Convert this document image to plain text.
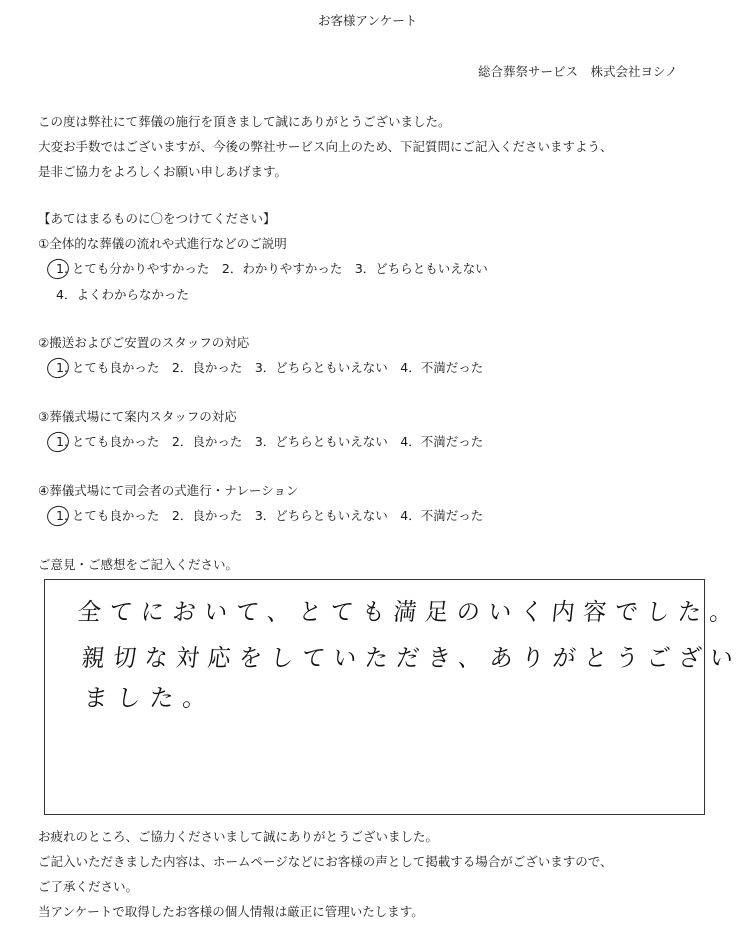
お客様アンケート
総合葬祭サービス　株式会社ヨシノ
この度は弊社にて葬儀の施行を頂きまして誠にありがとうございました。
大変お手数ではございますが、今後の弊社サービス向上のため、下記質問にご記入くださいますよう、
是非ご協力をよろしくお願い申しあげます。
【あてはまるものに〇をつけてください】
①全体的な葬儀の流れや式進行などのご説明
1. とても分かりやすかった　2．わかりやすかった　3．どちらともいえない
4．よくわからなかった
②搬送およびご安置のスタッフの対応
1. とても良かった　2．良かった　3．どちらともいえない　4．不満だった
③葬儀式場にて案内スタッフの対応
1. とても良かった　2．良かった　3．どちらともいえない　4．不満だった
④葬儀式場にて司会者の式進行・ナレーション
1. とても良かった　2．良かった　3．どちらともいえない　4．不満だった
ご意見・ご感想をご記入ください。
全てにおいて、とても満足のいく内容でした。
親切な対応をしていただき、ありがとうござい
ました。
お疲れのところ、ご協力くださいまして誠にありがとうございました。
ご記入いただきました内容は、ホームページなどにお客様の声として掲載する場合がございますので、
ご了承ください。
当アンケートで取得したお客様の個人情報は厳正に管理いたします。
